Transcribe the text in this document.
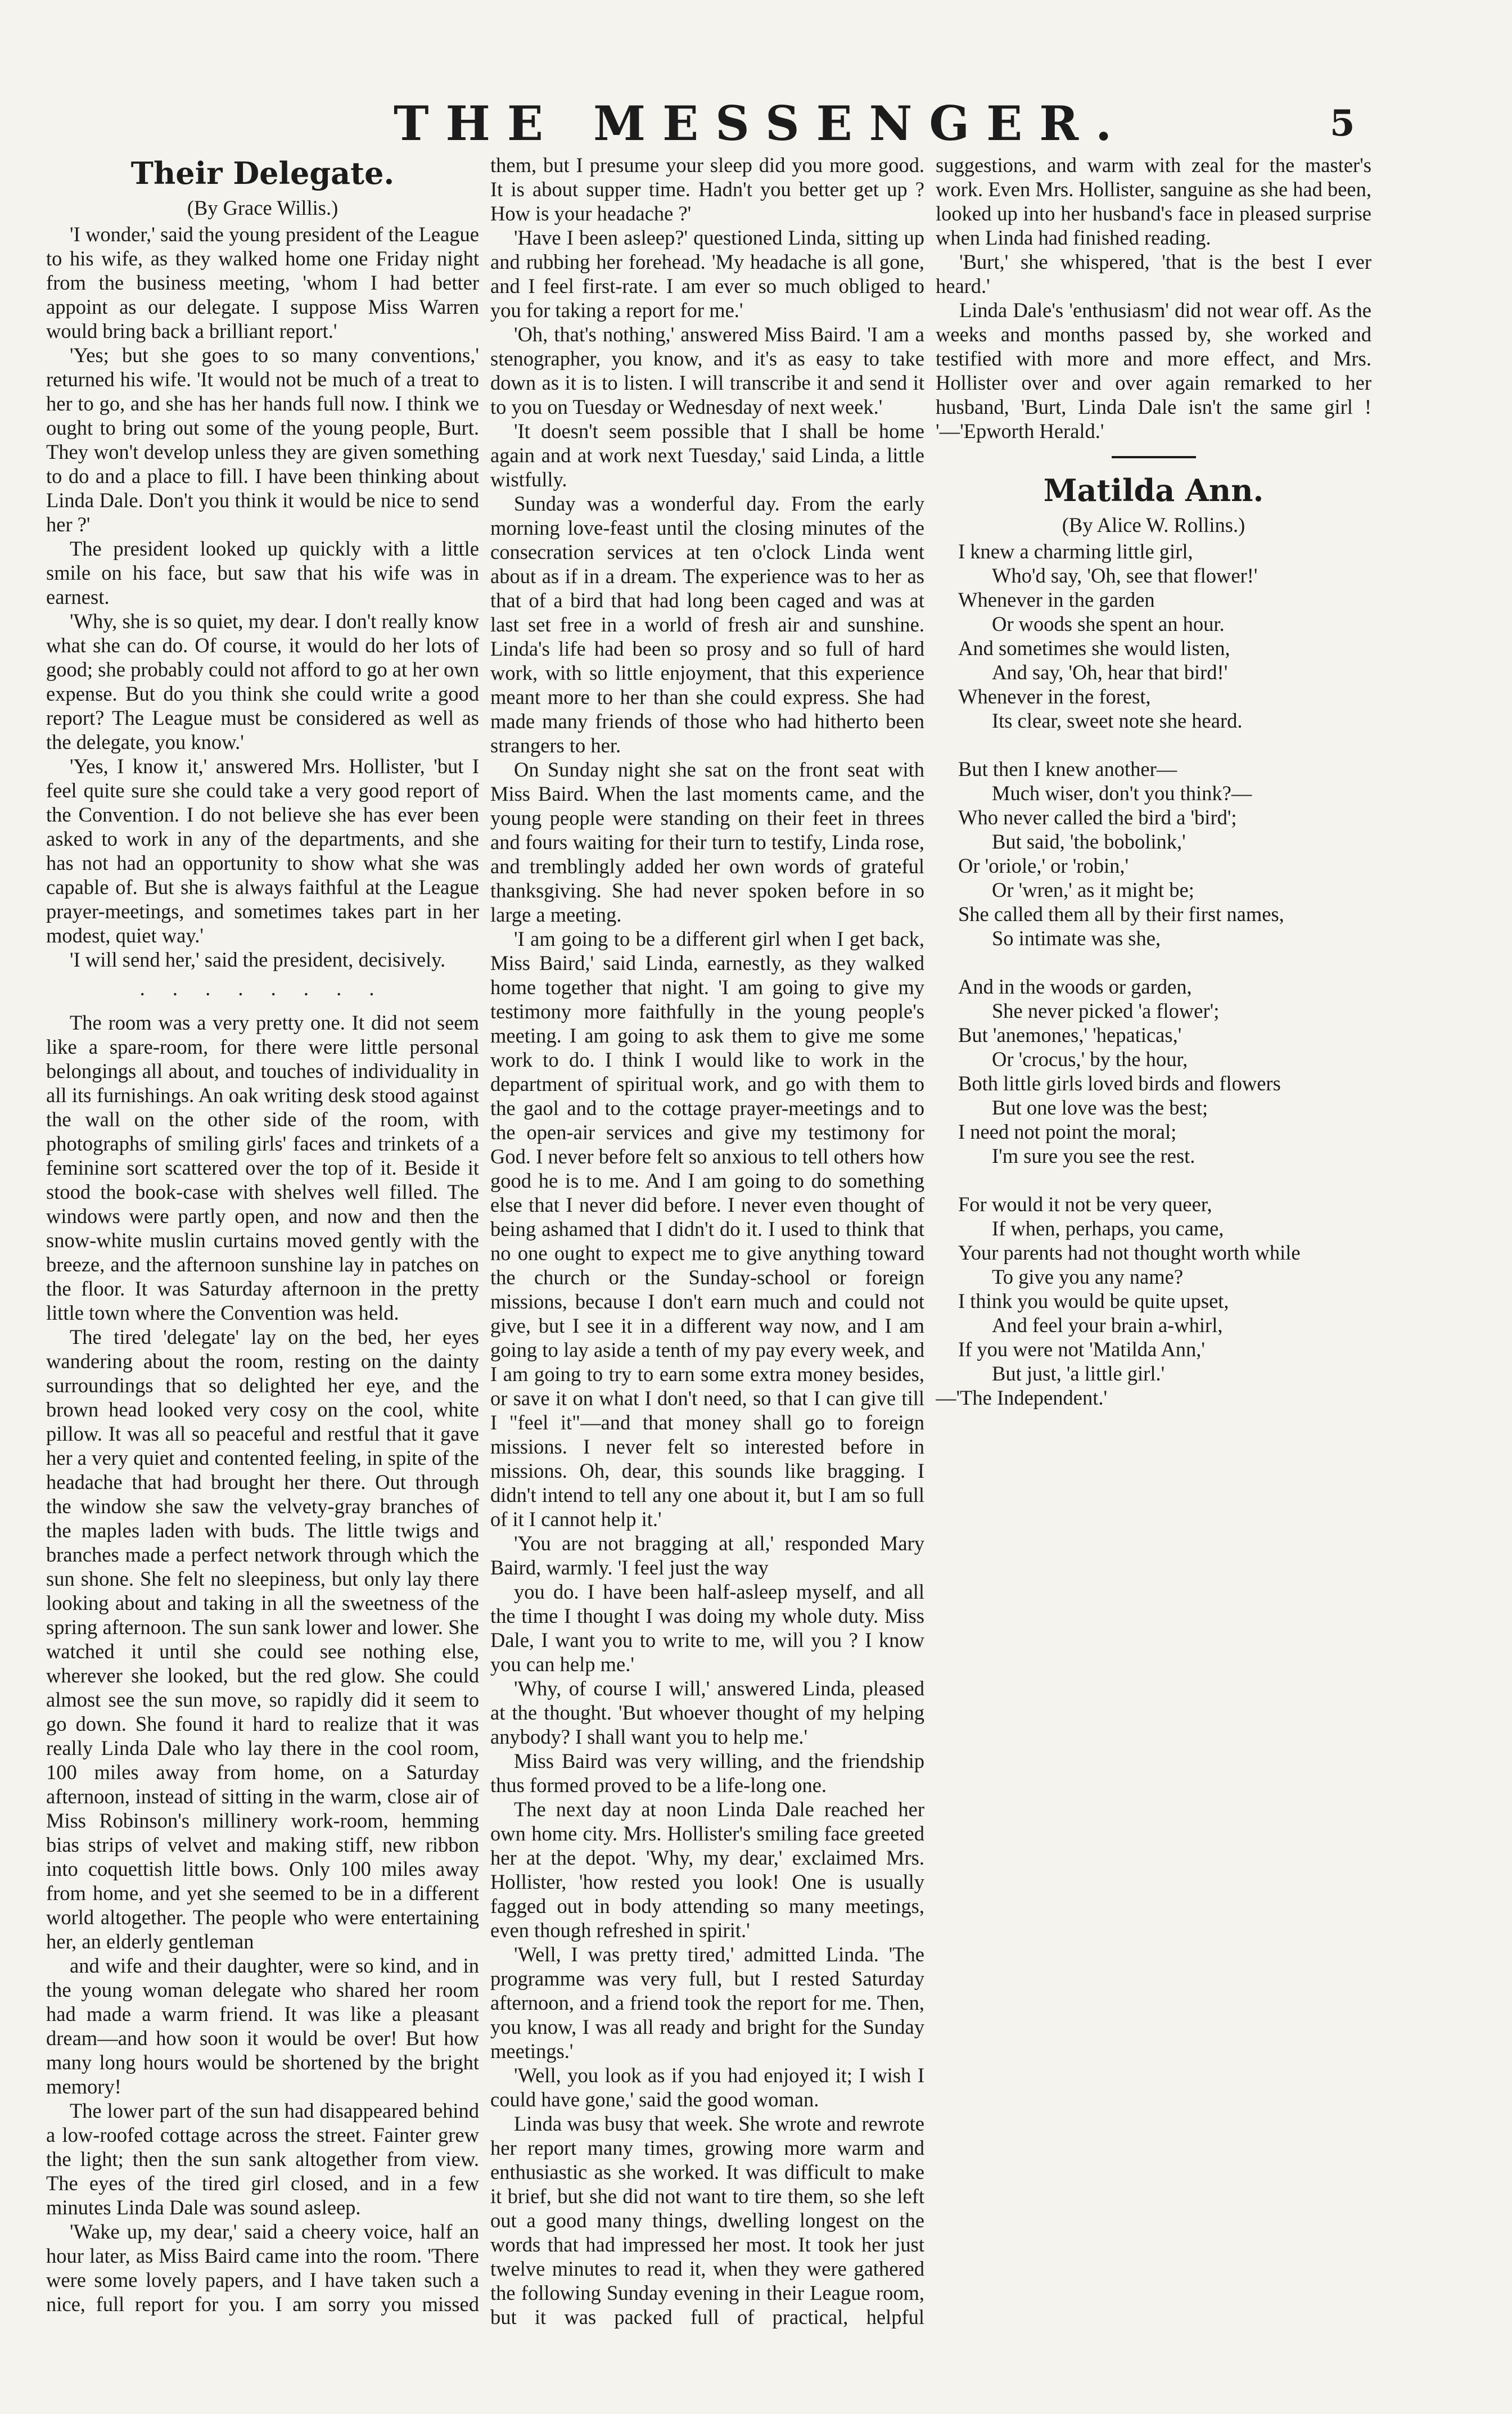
THE MESSENGER.	5
Their Delegate.
(By Grace Willis.)

'I wonder,' said the young president of the League to his wife, as they walked home one Friday night from the business meeting, 'whom I had better appoint as our delegate. I suppose Miss Warren would bring back a brilliant report.'

'Yes; but she goes to so many conventions,' returned his wife. 'It would not be much of a treat to her to go, and she has her hands full now. I think we ought to bring out some of the young people, Burt. They won't develop unless they are given something to do and a place to fill. I have been thinking about Linda Dale. Don't you think it would be nice to send her ?'

The president looked up quickly with a little smile on his face, but saw that his wife was in earnest.

'Why, she is so quiet, my dear. I don't really know what she can do. Of course, it would do her lots of good; she probably could not afford to go at her own expense. But do you think she could write a good report? The League must be considered as well as the delegate, you know.'

'Yes, I know it,' answered Mrs. Hollister, 'but I feel quite sure she could take a very good report of the Convention. I do not believe she has ever been asked to work in any of the departments, and she has not had an opportunity to show what she was capable of. But she is always faithful at the League prayer-meetings, and sometimes takes part in her modest, quiet way.'

'I will send her,' said the president, decisively.

. . . . . . . .

The room was a very pretty one. It did not seem like a spare-room, for there were little personal belongings all about, and touches of individuality in all its furnishings. An oak writing desk stood against the wall on the other side of the room, with photographs of smiling girls' faces and trinkets of a feminine sort scattered over the top of it. Beside it stood the book-case with shelves well filled. The windows were partly open, and now and then the snow-white muslin curtains moved gently with the breeze, and the afternoon sunshine lay in patches on the floor. It was Saturday afternoon in the pretty little town where the Convention was held.

The tired 'delegate' lay on the bed, her eyes wandering about the room, resting on the dainty surroundings that so delighted her eye, and the brown head looked very cosy on the cool, white pillow. It was all so peaceful and restful that it gave her a very quiet and contented feeling, in spite of the headache that had brought her there. Out through the window she saw the velvety-gray branches of the maples laden with buds. The little twigs and branches made a perfect network through which the sun shone. She felt no sleepiness, but only lay there looking about and taking in all the sweetness of the spring afternoon. The sun sank lower and lower. She watched it until she could see nothing else, wherever she looked, but the red glow. She could almost see the sun move, so rapidly did it seem to go down. She found it hard to realize that it was really Linda Dale who lay there in the cool room, 100 miles away from home, on a Saturday afternoon, instead of sitting in the warm, close air of Miss Robinson's millinery work-room, hemming bias strips of velvet and making stiff, new ribbon into coquettish little bows. Only 100 miles away from home, and yet she seemed to be in a different world altogether. The people who were entertaining her, an elderly gentleman

and wife and their daughter, were so kind, and in the young woman delegate who shared her room had made a warm friend. It was like a pleasant dream—and how soon it would be over! But how many long hours would be shortened by the bright memory!

The lower part of the sun had disappeared behind a low-roofed cottage across the street. Fainter grew the light; then the sun sank altogether from view. The eyes of the tired girl closed, and in a few minutes Linda Dale was sound asleep.

'Wake up, my dear,' said a cheery voice, half an hour later, as Miss Baird came into the room. 'There were some lovely papers, and I have taken such a nice, full report for you. I am sorry you missed

them, but I presume your sleep did you more good. It is about supper time. Hadn't you better get up ? How is your headache ?'

'Have I been asleep?' questioned Linda, sitting up and rubbing her forehead. 'My headache is all gone, and I feel first-rate. I am ever so much obliged to you for taking a report for me.'

'Oh, that's nothing,' answered Miss Baird. 'I am a stenographer, you know, and it's as easy to take down as it is to listen. I will transcribe it and send it to you on Tuesday or Wednesday of next week.'

'It doesn't seem possible that I shall be home again and at work next Tuesday,' said Linda, a little wistfully.

Sunday was a wonderful day. From the early morning love-feast until the closing minutes of the consecration services at ten o'clock Linda went about as if in a dream. The experience was to her as that of a bird that had long been caged and was at last set free in a world of fresh air and sunshine. Linda's life had been so prosy and so full of hard work, with so little enjoyment, that this experience meant more to her than she could express. She had made many friends of those who had hitherto been strangers to her.

On Sunday night she sat on the front seat with Miss Baird. When the last moments came, and the young people were standing on their feet in threes and fours waiting for their turn to testify, Linda rose, and tremblingly added her own words of grateful thanksgiving. She had never spoken before in so large a meeting.

'I am going to be a different girl when I get back, Miss Baird,' said Linda, earnestly, as they walked home together that night. 'I am going to give my testimony more faithfully in the young people's meeting. I am going to ask them to give me some work to do. I think I would like to work in the department of spiritual work, and go with them to the gaol and to the cottage prayer-meetings and to the open-air services and give my testimony for God. I never before felt so anxious to tell others how good he is to me. And I am going to do something else that I never did before. I never even thought of being ashamed that I didn't do it. I used to think that no one ought to expect me to give anything toward the church or the Sunday-school or foreign missions, because I don't earn much and could not give, but I see it in a different way now, and I am going to lay aside a tenth of my pay every week, and I am going to try to earn some extra money besides, or save it on what I don't need, so that I can give till I "feel it"—and that money shall go to foreign missions. I never felt so interested before in missions. Oh, dear, this sounds like bragging. I didn't intend to tell any one about it, but I am so full of it I cannot help it.'

'You are not bragging at all,' responded Mary Baird, warmly. 'I feel just the way

you do. I have been half-asleep myself, and all the time I thought I was doing my whole duty. Miss Dale, I want you to write to me, will you ? I know you can help me.'

'Why, of course I will,' answered Linda, pleased at the thought. 'But whoever thought of my helping anybody? I shall want you to help me.'

Miss Baird was very willing, and the friendship thus formed proved to be a life-long one.

The next day at noon Linda Dale reached her own home city. Mrs. Hollister's smiling face greeted her at the depot. 'Why, my dear,' exclaimed Mrs. Hollister, 'how rested you look! One is usually fagged out in body attending so many meetings, even though refreshed in spirit.'

'Well, I was pretty tired,' admitted Linda. 'The programme was very full, but I rested Saturday afternoon, and a friend took the report for me. Then, you know, I was all ready and bright for the Sunday meetings.'

'Well, you look as if you had enjoyed it; I wish I could have gone,' said the good woman.

Linda was busy that week. She wrote and rewrote her report many times, growing more warm and enthusiastic as she worked. It was difficult to make it brief, but she did not want to tire them, so she left out a good many things, dwelling longest on the words that had impressed her most. It took her just twelve minutes to read it, when they were gathered the following Sunday evening in their League room, but it was packed full of practical, helpful

suggestions, and warm with zeal for the master's work. Even Mrs. Hollister, sanguine as she had been, looked up into her husband's face in pleased surprise when Linda had finished reading.

'Burt,' she whispered, 'that is the best I ever heard.'

Linda Dale's 'enthusiasm' did not wear off. As the weeks and months passed by, she worked and testified with more and more effect, and Mrs. Hollister over and over again remarked to her husband, 'Burt, Linda Dale isn't the same girl ! '—'Epworth Herald.'

Matilda Ann.
(By Alice W. Rollins.)
I knew a charming little girl,
Who'd say, 'Oh, see that flower!'
Whenever in the garden
Or woods she spent an hour.
And sometimes she would listen,
And say, 'Oh, hear that bird!'
Whenever in the forest,
Its clear, sweet note she heard.
But then I knew another—
Much wiser, don't you think?—
Who never called the bird a 'bird';
But said, 'the bobolink,'
Or 'oriole,' or 'robin,'
Or 'wren,' as it might be;
She called them all by their first names,
So intimate was she,
And in the woods or garden,
She never picked 'a flower';
But 'anemones,' 'hepaticas,'
Or 'crocus,' by the hour,
Both little girls loved birds and flowers
But one love was the best;
I need not point the moral;
I'm sure you see the rest.
For would it not be very queer,
If when, perhaps, you came,
Your parents had not thought worth while
To give you any name?
I think you would be quite upset,
And feel your brain a-whirl,
If you were not 'Matilda Ann,'
But just, 'a little girl.'
—'The Independent.'
